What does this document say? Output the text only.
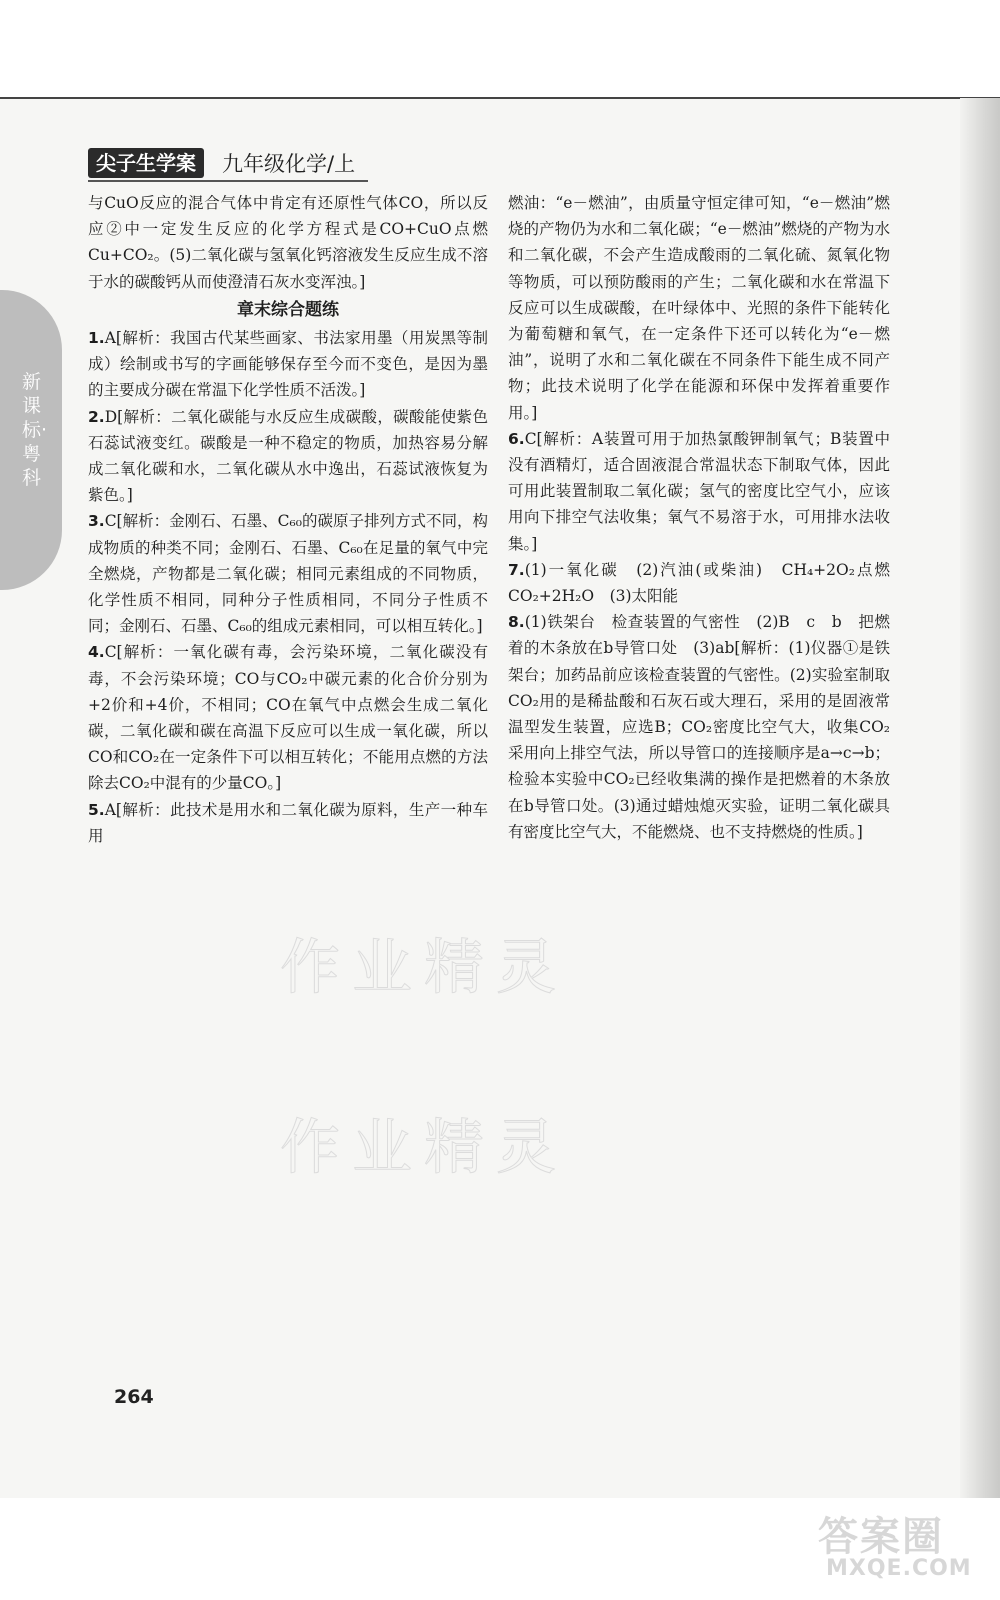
新课标·粤科
尖子生学案	九年级化学/上

与CuO反应的混合气体中肯定有还原性气体CO，所以反应②中一定发生反应的化学方程式是CO+CuO点燃Cu+CO₂。(5)二氧化碳与氢氧化钙溶液发生反应生成不溶于水的碳酸钙从而使澄清石灰水变浑浊。]

章末综合题练

1.A[解析：我国古代某些画家、书法家用墨（用炭黑等制成）绘制或书写的字画能够保存至今而不变色，是因为墨的主要成分碳在常温下化学性质不活泼。]

2.D[解析：二氧化碳能与水反应生成碳酸，碳酸能使紫色石蕊试液变红。碳酸是一种不稳定的物质，加热容易分解成二氧化碳和水，二氧化碳从水中逸出，石蕊试液恢复为紫色。]

3.C[解析：金刚石、石墨、C₆₀的碳原子排列方式不同，构成物质的种类不同；金刚石、石墨、C₆₀在足量的氧气中完全燃烧，产物都是二氧化碳；相同元素组成的不同物质，化学性质不相同，同种分子性质相同，不同分子性质不同；金刚石、石墨、C₆₀的组成元素相同，可以相互转化。]

4.C[解析：一氧化碳有毒，会污染环境，二氧化碳没有毒，不会污染环境；CO与CO₂中碳元素的化合价分别为+2价和+4价，不相同；CO在氧气中点燃会生成二氧化碳，二氧化碳和碳在高温下反应可以生成一氧化碳，所以CO和CO₂在一定条件下可以相互转化；不能用点燃的方法除去CO₂中混有的少量CO。]

5.A[解析：此技术是用水和二氧化碳为原料，生产一种车用

燃油：“e－燃油”，由质量守恒定律可知，“e－燃油”燃烧的产物仍为水和二氧化碳；“e－燃油”燃烧的产物为水和二氧化碳，不会产生造成酸雨的二氧化硫、氮氧化物等物质，可以预防酸雨的产生；二氧化碳和水在常温下反应可以生成碳酸，在叶绿体中、光照的条件下能转化为葡萄糖和氧气，在一定条件下还可以转化为“e－燃油”，说明了水和二氧化碳在不同条件下能生成不同产物；此技术说明了化学在能源和环保中发挥着重要作用。]

6.C[解析：A装置可用于加热氯酸钾制氧气；B装置中没有酒精灯，适合固液混合常温状态下制取气体，因此可用此装置制取二氧化碳；氢气的密度比空气小，应该用向下排空气法收集；氧气不易溶于水，可用排水法收集。]

7.(1)一氧化碳　(2)汽油(或柴油)　CH₄+2O₂点燃CO₂+2H₂O　(3)太阳能

8.(1)铁架台　检查装置的气密性　(2)B　c　b　把燃着的木条放在b导管口处　(3)ab[解析：(1)仪器①是铁架台；加药品前应该检查装置的气密性。(2)实验室制取CO₂用的是稀盐酸和石灰石或大理石，采用的是固液常温型发生装置，应选B；CO₂密度比空气大，收集CO₂采用向上排空气法，所以导管口的连接顺序是a→c→b；检验本实验中CO₂已经收集满的操作是把燃着的木条放在b导管口处。(3)通过蜡烛熄灭实验，证明二氧化碳具有密度比空气大，不能燃烧、也不支持燃烧的性质。]

作业精灵
作业精灵
264
答案圈
MXQE.COM
